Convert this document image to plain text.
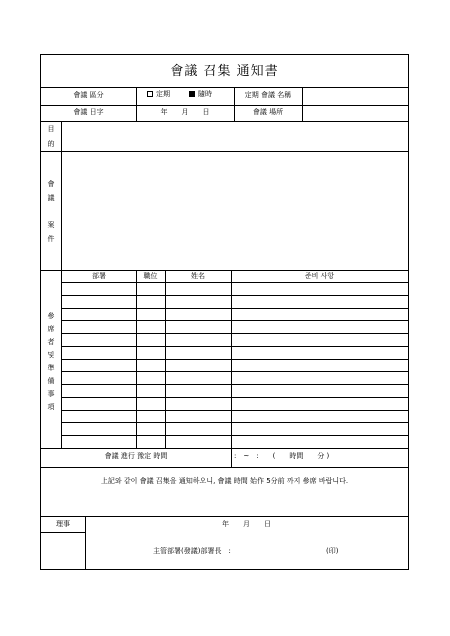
會議 召集 通知書
會議 區分	定期	隨時	定期 會議 名稱
會議 日字	年　　月　　日	會議 場所
目
的
會
議
案
件
參
席
者
및
準
備
事
項
部署	職位	姓名	준비 사항
會議 進行 豫定 時間	:　~　:　　(　　時間　　分 )
上記와 같이 會議 召集을 通知하오니, 會議 時間 始作 5分前 까지 參席 바랍니다.
理事	年　　月　　日
主管部署(發議)部署長　:	(印)
